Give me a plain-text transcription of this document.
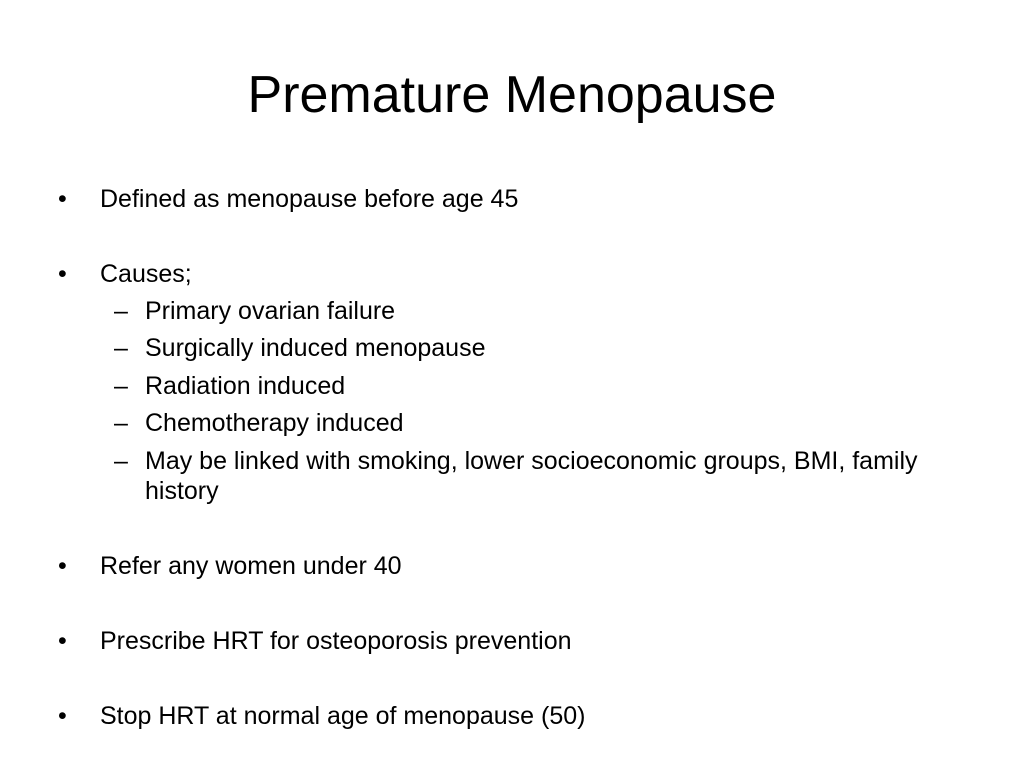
Premature Menopause
•	Defined as menopause before age 45
•	Causes;
– Primary ovarian failure
– Surgically induced menopause
– Radiation induced
– Chemotherapy induced
– May be linked with smoking, lower socioeconomic groups, BMI, family history
•	Refer any women under 40
•	Prescribe HRT for osteoporosis prevention
•	Stop HRT at normal age of menopause (50)
